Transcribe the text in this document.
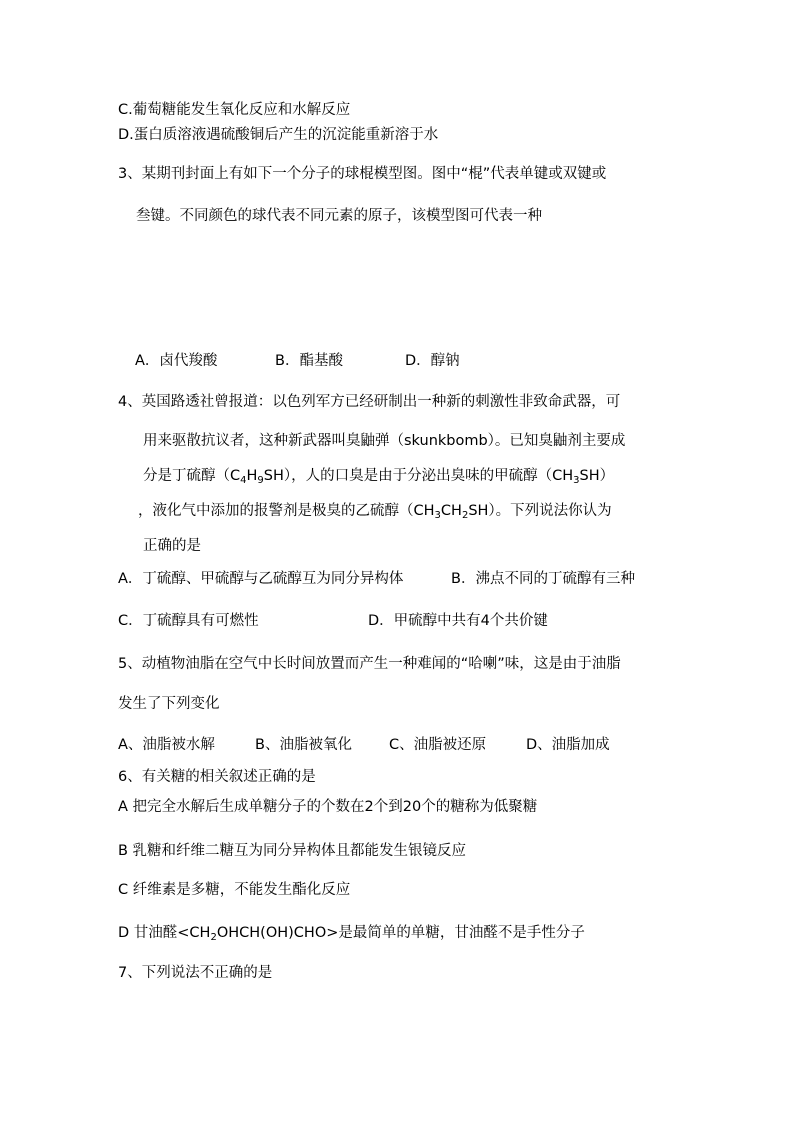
C.葡萄糖能发生氧化反应和水解反应
D.蛋白质溶液遇硫酸铜后产生的沉淀能重新溶于水
3、某期刊封面上有如下一个分子的球棍模型图。图中“棍”代表单键或双键或
叁键。不同颜色的球代表不同元素的原子，该模型图可代表一种
A．卤代羧酸	B．酯基酸	D．醇钠
4、英国路透社曾报道：以色列军方已经研制出一种新的刺激性非致命武器，可
用来驱散抗议者，这种新武器叫臭鼬弹（skunkbomb）。已知臭鼬剂主要成
分是丁硫醇$(C_4H_9SH)$，人的口臭是由于分泌出臭味的甲硫醇$(CH_3SH)$
，液化气中添加的报警剂是极臭的乙硫醇$(CH_3CH_2SH)$。下列说法你认为
正确的是
A．丁硫醇、甲硫醇与乙硫醇互为同分异构体	B．沸点不同的丁硫醇有三种
C．丁硫醇具有可燃性	D．甲硫醇中共有4个共价键
5、动植物油脂在空气中长时间放置而产生一种难闻的“哈喇”味，这是由于油脂
发生了下列变化
A、油脂被水解	B、油脂被氧化	C、油脂被还原	D、油脂加成
6、有关糖的相关叙述正确的是
A 把完全水解后生成单糖分子的个数在2个到20个的糖称为低聚糖
B 乳糖和纤维二糖互为同分异构体且都能发生银镜反应
C 纤维素是多糖，不能发生酯化反应
D 甘油醛$<CH_2OHCH(OH)CHO>$是最简单的单糖，甘油醛不是手性分子
7、下列说法不正确的是
